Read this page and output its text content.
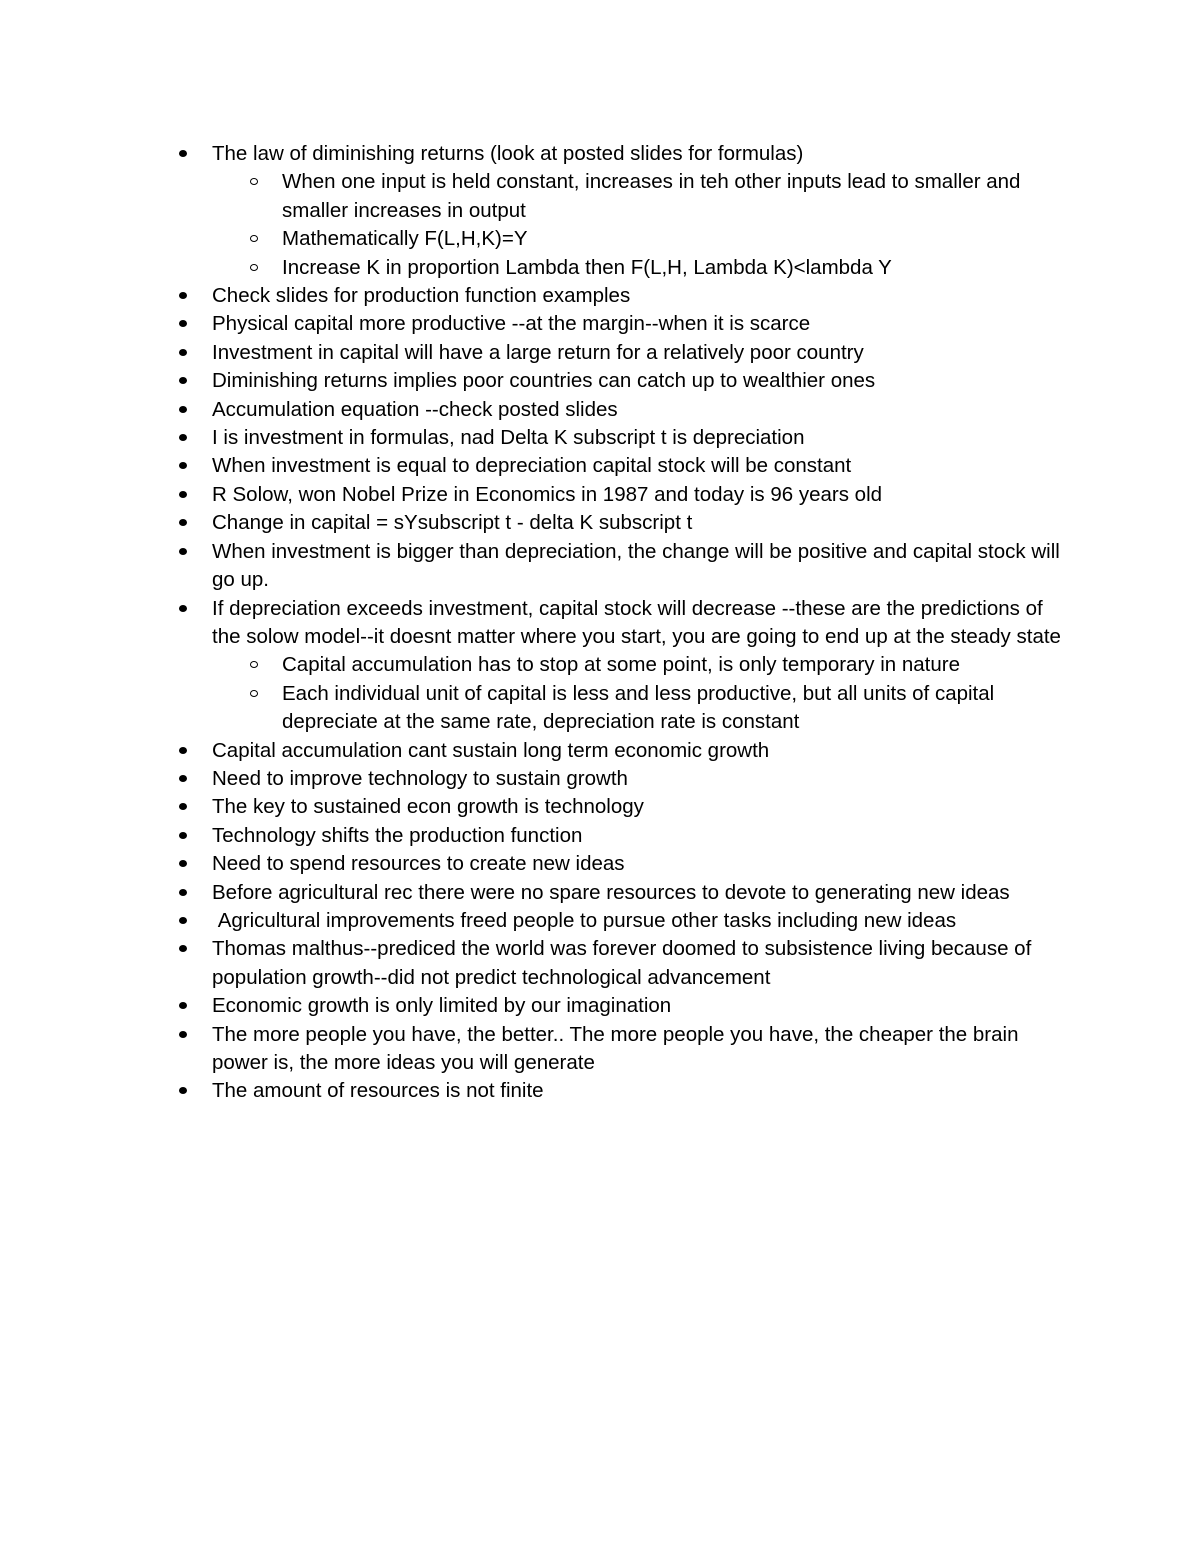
The law of diminishing returns (look at posted slides for formulas)
When one input is held constant, increases in teh other inputs lead to smaller and smaller increases in output
Mathematically F(L,H,K)=Y
Increase K in proportion Lambda then F(L,H, Lambda K)<lambda Y
Check slides for production function examples
Physical capital more productive --at the margin--when it is scarce
Investment in capital will have a large return for a relatively poor country
Diminishing returns implies poor countries can catch up to wealthier ones
Accumulation equation --check posted slides
I is investment in formulas, nad Delta K subscript t is depreciation
When investment is equal to depreciation capital stock will be constant
R Solow, won Nobel Prize in Economics in 1987 and today is 96 years old
Change in capital = sYsubscript t - delta K subscript t
When investment is bigger than depreciation, the change will be positive and capital stock will go up.
If depreciation exceeds investment, capital stock will decrease --these are the predictions of the solow model--it doesnt matter where you start, you are going to end up at the steady state
Capital accumulation has to stop at some point, is only temporary in nature
Each individual unit of capital is less and less productive, but all units of capital depreciate at the same rate, depreciation rate is constant
Capital accumulation cant sustain long term economic growth
Need to improve technology to sustain growth
The key to sustained econ growth is technology
Technology shifts the production function
Need to spend resources to create new ideas
Before agricultural rec there were no spare resources to devote to generating new ideas
Agricultural improvements freed people to pursue other tasks including new ideas
Thomas malthus--prediced the world was forever doomed to subsistence living because of population growth--did not predict technological advancement
Economic growth is only limited by our imagination
The more people you have, the better.. The more people you have, the cheaper the brain power is, the more ideas you will generate
The amount of resources is not finite
